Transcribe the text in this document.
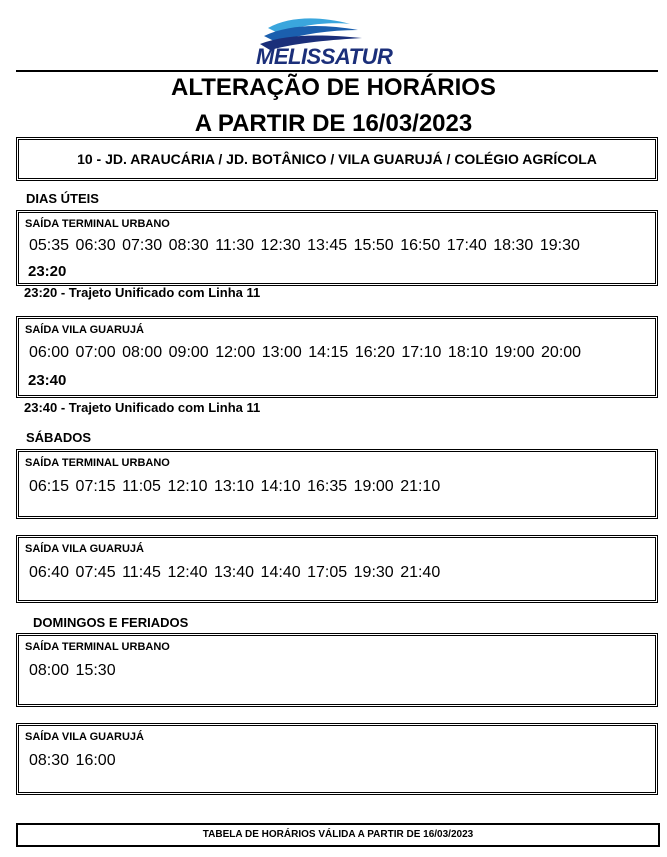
MELISSATUR
ALTERAÇÃO DE HORÁRIOS
A PARTIR DE 16/03/2023
10 - JD. ARAUCÁRIA / JD. BOTÂNICO / VILA GUARUJÁ / COLÉGIO AGRÍCOLA
DIAS ÚTEIS
SAÍDA TERMINAL URBANO
05:35 06:30 07:30 08:30 11:30 12:30 13:45 15:50 16:50 17:40 18:30 19:30
23:20
23:20 - Trajeto Unificado com Linha 11
SAÍDA VILA GUARUJÁ
06:00 07:00 08:00 09:00 12:00 13:00 14:15 16:20 17:10 18:10 19:00 20:00
23:40
23:40 - Trajeto Unificado com Linha 11
SÁBADOS
SAÍDA TERMINAL URBANO
06:15 07:15 11:05 12:10 13:10 14:10 16:35 19:00 21:10
SAÍDA VILA GUARUJÁ
06:40 07:45 11:45 12:40 13:40 14:40 17:05 19:30 21:40
DOMINGOS E FERIADOS
SAÍDA TERMINAL URBANO
08:00 15:30
SAÍDA VILA GUARUJÁ
08:30 16:00
TABELA DE HORÁRIOS VÁLIDA A PARTIR DE 16/03/2023
